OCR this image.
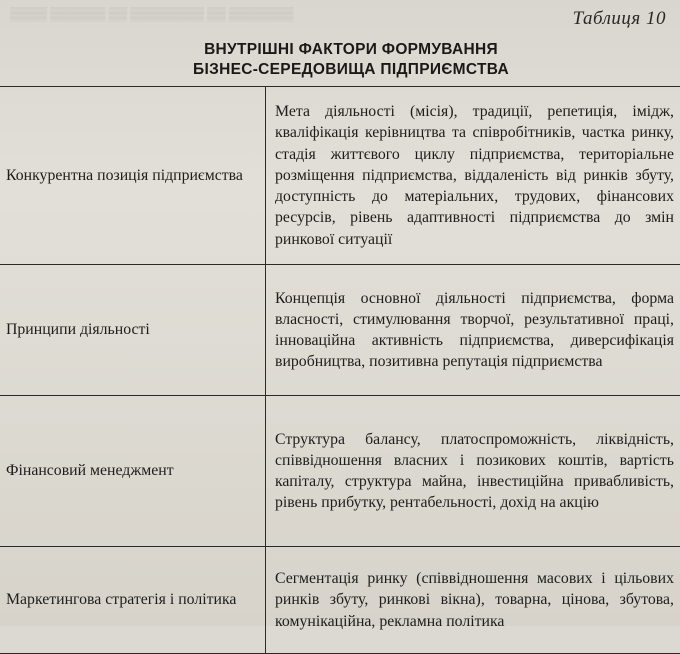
▒▒▒▒ ▒▒▒▒▒▒ ▒▒ ▒▒▒▒▒▒▒▒ ▒▒ ▒▒▒▒▒▒▒	Таблиця 10
ВНУТРІШНІ ФАКТОРИ ФОРМУВАННЯ
БІЗНЕС-СЕРЕДОВИЩА ПІДПРИЄМСТВА
Конкурентна позиція підприємства	Мета діяльності (місія), традиції, репетиція, імідж, кваліфікація керівництва та співробітників, частка ринку, стадія життєвого циклу підприємства, територіальне розміщення підприємства, віддаленість від ринків збуту, доступність до матеріальних, трудових, фінансових ресурсів, рівень адаптивності підприємства до змін ринкової ситуації

Принципи діяльності	Концепція основної діяльності підприємства, форма власності, стимулювання творчої, результативної праці, інноваційна активність підприємства, диверсифікація виробництва, позитивна репутація підприємства

Фінансовий менеджмент	Структура балансу, платоспроможність, ліквідність, співвідношення власних і позикових коштів, вартість капіталу, структура майна, інвестиційна привабливість, рівень прибутку, рентабельності, дохід на акцію

Маркетингова стратегія і політика	Сегментація ринку (співвідношення масових і цільових ринків збуту, ринкові вікна), товарна, цінова, збутова, комунікаційна, рекламна політика
